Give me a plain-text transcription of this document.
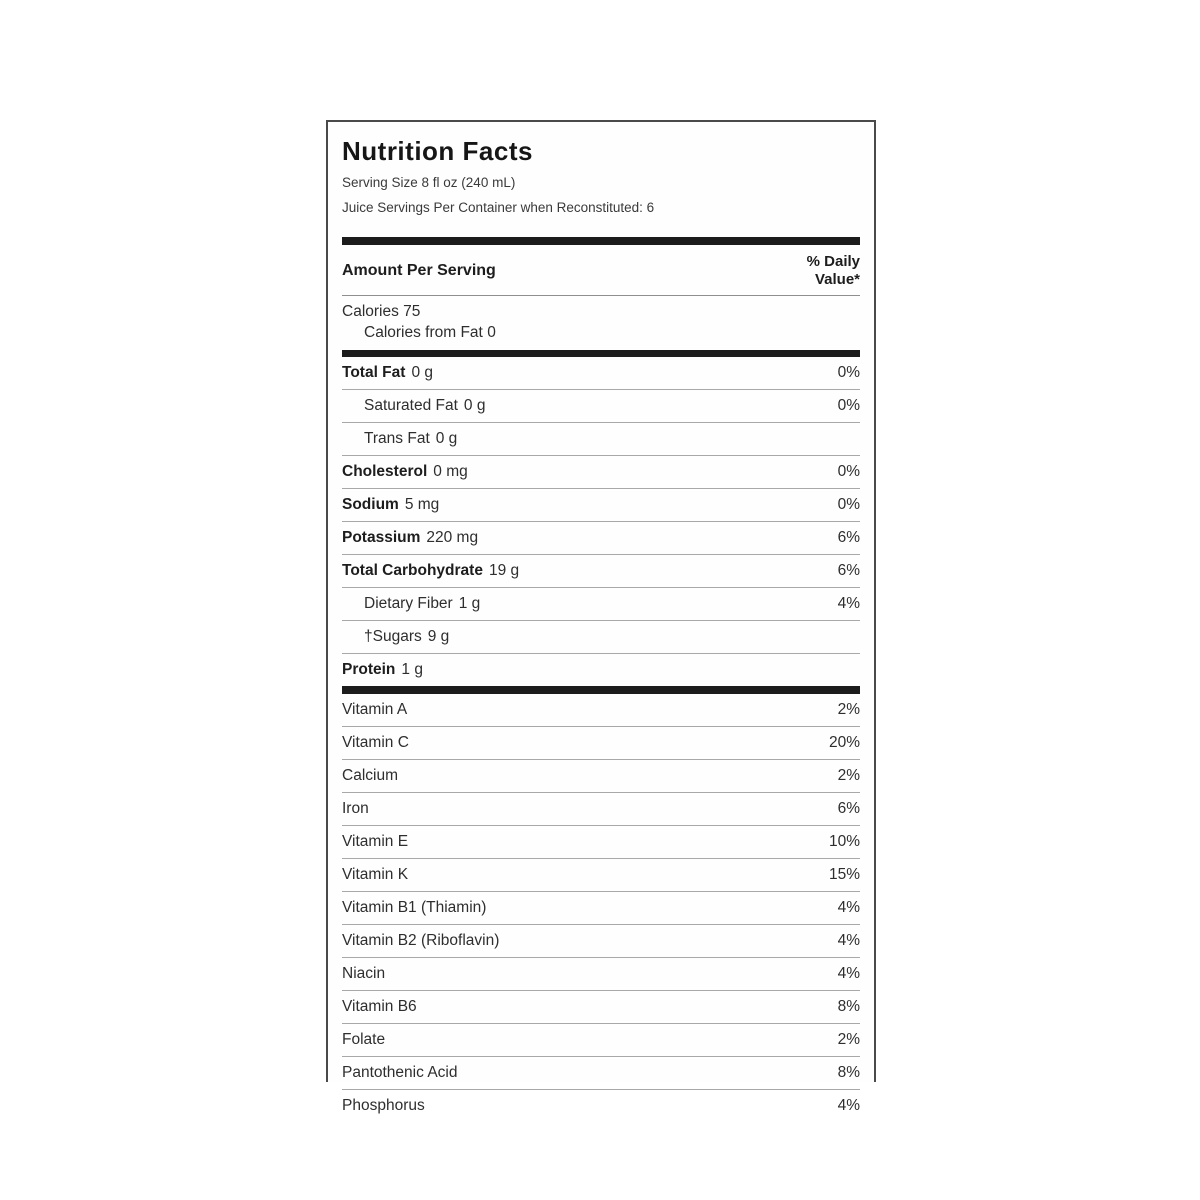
Nutrition Facts
Serving Size 8 fl oz (240 mL)
Juice Servings Per Container when Reconstituted: 6
Amount Per Serving
% Daily
Value*
Calories 75
Calories from Fat 0
Total Fat 0 g	0%
Saturated Fat 0 g	0%
Trans Fat 0 g
Cholesterol 0 mg	0%
Sodium 5 mg	0%
Potassium 220 mg	6%
Total Carbohydrate 19 g	6%
Dietary Fiber 1 g	4%
†Sugars 9 g
Protein 1 g
Vitamin A	2%
Vitamin C	20%
Calcium	2%
Iron	6%
Vitamin E	10%
Vitamin K	15%
Vitamin B1 (Thiamin)	4%
Vitamin B2 (Riboflavin)	4%
Niacin	4%
Vitamin B6	8%
Folate	2%
Pantothenic Acid	8%
Phosphorus	4%
